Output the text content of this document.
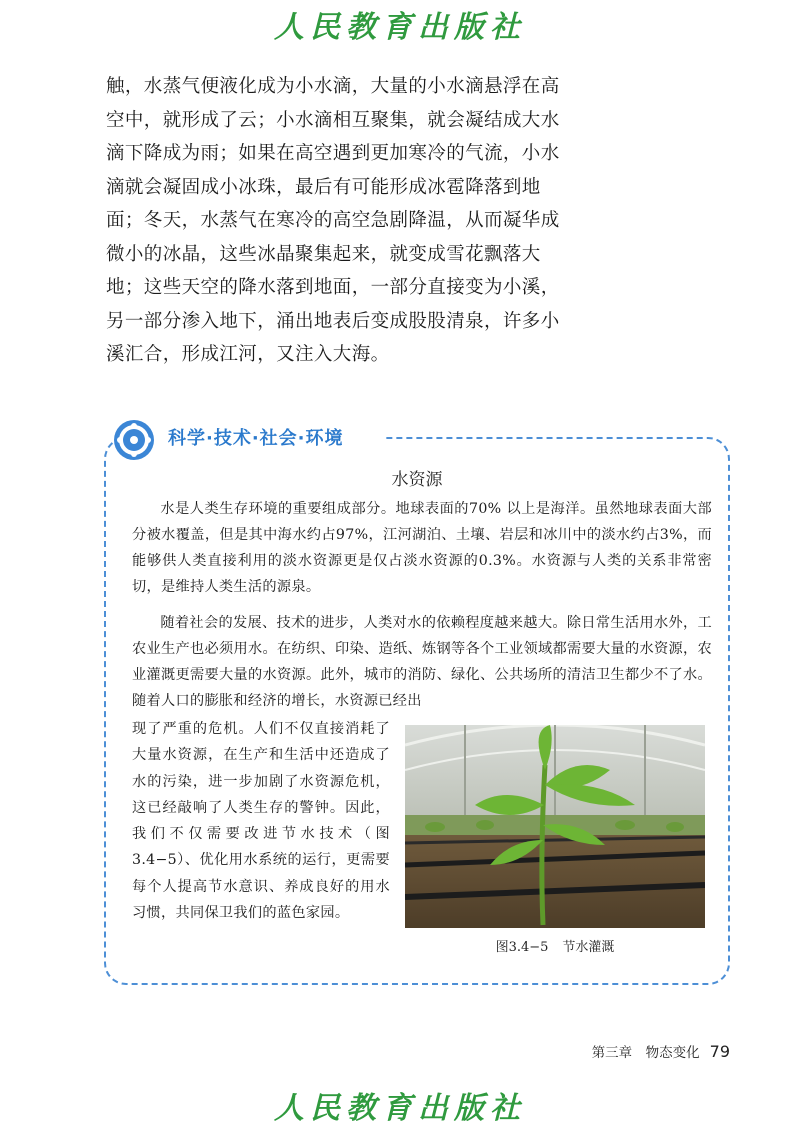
人民教育出版社

触，水蒸气便液化成为小水滴，大量的小水滴悬浮在高空中，就形成了云；小水滴相互聚集，就会凝结成大水滴下降成为雨；如果在高空遇到更加寒冷的气流，小水滴就会凝固成小冰珠，最后有可能形成冰雹降落到地面；冬天，水蒸气在寒冷的高空急剧降温，从而凝华成微小的冰晶，这些冰晶聚集起来，就变成雪花飘落大地；这些天空的降水落到地面，一部分直接变为小溪，另一部分渗入地下，涌出地表后变成股股清泉，许多小溪汇合，形成江河，又注入大海。

科学·技术·社会·环境
水资源

水是人类生存环境的重要组成部分。地球表面的70% 以上是海洋。虽然地球表面大部分被水覆盖，但是其中海水约占97%，江河湖泊、土壤、岩层和冰川中的淡水约占3%，而能够供人类直接利用的淡水资源更是仅占淡水资源的0.3%。水资源与人类的关系非常密切，是维持人类生活的源泉。

随着社会的发展、技术的进步，人类对水的依赖程度越来越大。除日常生活用水外，工农业生产也必须用水。在纺织、印染、造纸、炼钢等各个工业领域都需要大量的水资源，农业灌溉更需要大量的水资源。此外，城市的消防、绿化、公共场所的清洁卫生都少不了水。随着人口的膨胀和经济的增长，水资源已经出

现了严重的危机。人们不仅直接消耗了大量水资源，在生产和生活中还造成了水的污染，进一步加剧了水资源危机，这已经敲响了人类生存的警钟。因此，我们不仅需要改进节水技术（图3.4−5）、优化用水系统的运行，更需要每个人提高节水意识、养成良好的用水习惯，共同保卫我们的蓝色家园。

图3.4−5 节水灌溉
第三章　物态变化 79
人民教育出版社
